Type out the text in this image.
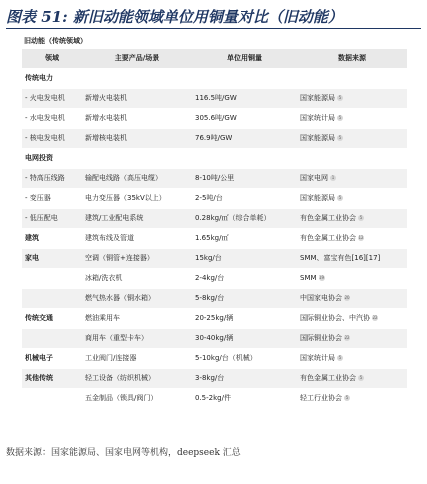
图表 51: 新旧动能领域单位用铜量对比（旧动能）
旧动能（传统领域）
领域	主要产品/场景	单位用铜量	数据来源
传统电力			
- 火电发电机	新增火电装机	116.5吨/GW	国家能源局 5
- 水电发电机	新增水电装机	305.6吨/GW	国家统计局 5
- 核电发电机	新增核电装机	76.9吨/GW	国家能源局 5
电网投资			
- 特高压线路	输配电线路（高压电缆）	8-10吨/公里	国家电网 1
- 变压器	电力变压器（35kV以上）	2-5吨/台	国家能源局 5
- 低压配电	建筑/工业配电系统	0.28kg/㎡（综合单耗）	有色金属工业协会 5
建筑	建筑布线及管道	1.65kg/㎡	有色金属工业协会 12
家电	空调（铜管+连接器）	15kg/台	SMM、富宝有色[16][17]
	冰箱/洗衣机	2-4kg/台	SMM 19
	燃气热水器（铜水箱）	5-8kg/台	中国家电协会 20
传统交通	燃油乘用车	20-25kg/辆	国际铜业协会、中汽协 22
	商用车（重型卡车）	30-40kg/辆	国际铜业协会 22
机械电子	工业阀门/连接器	5-10kg/台（机械）	国家统计局 5
其他传统	轻工设备（纺织机械）	3-8kg/台	有色金属工业协会 5
	五金制品（锁具/阀门）	0.5-2kg/件	轻工行业协会 5
数据来源：国家能源局、国家电网等机构，deepseek 汇总
